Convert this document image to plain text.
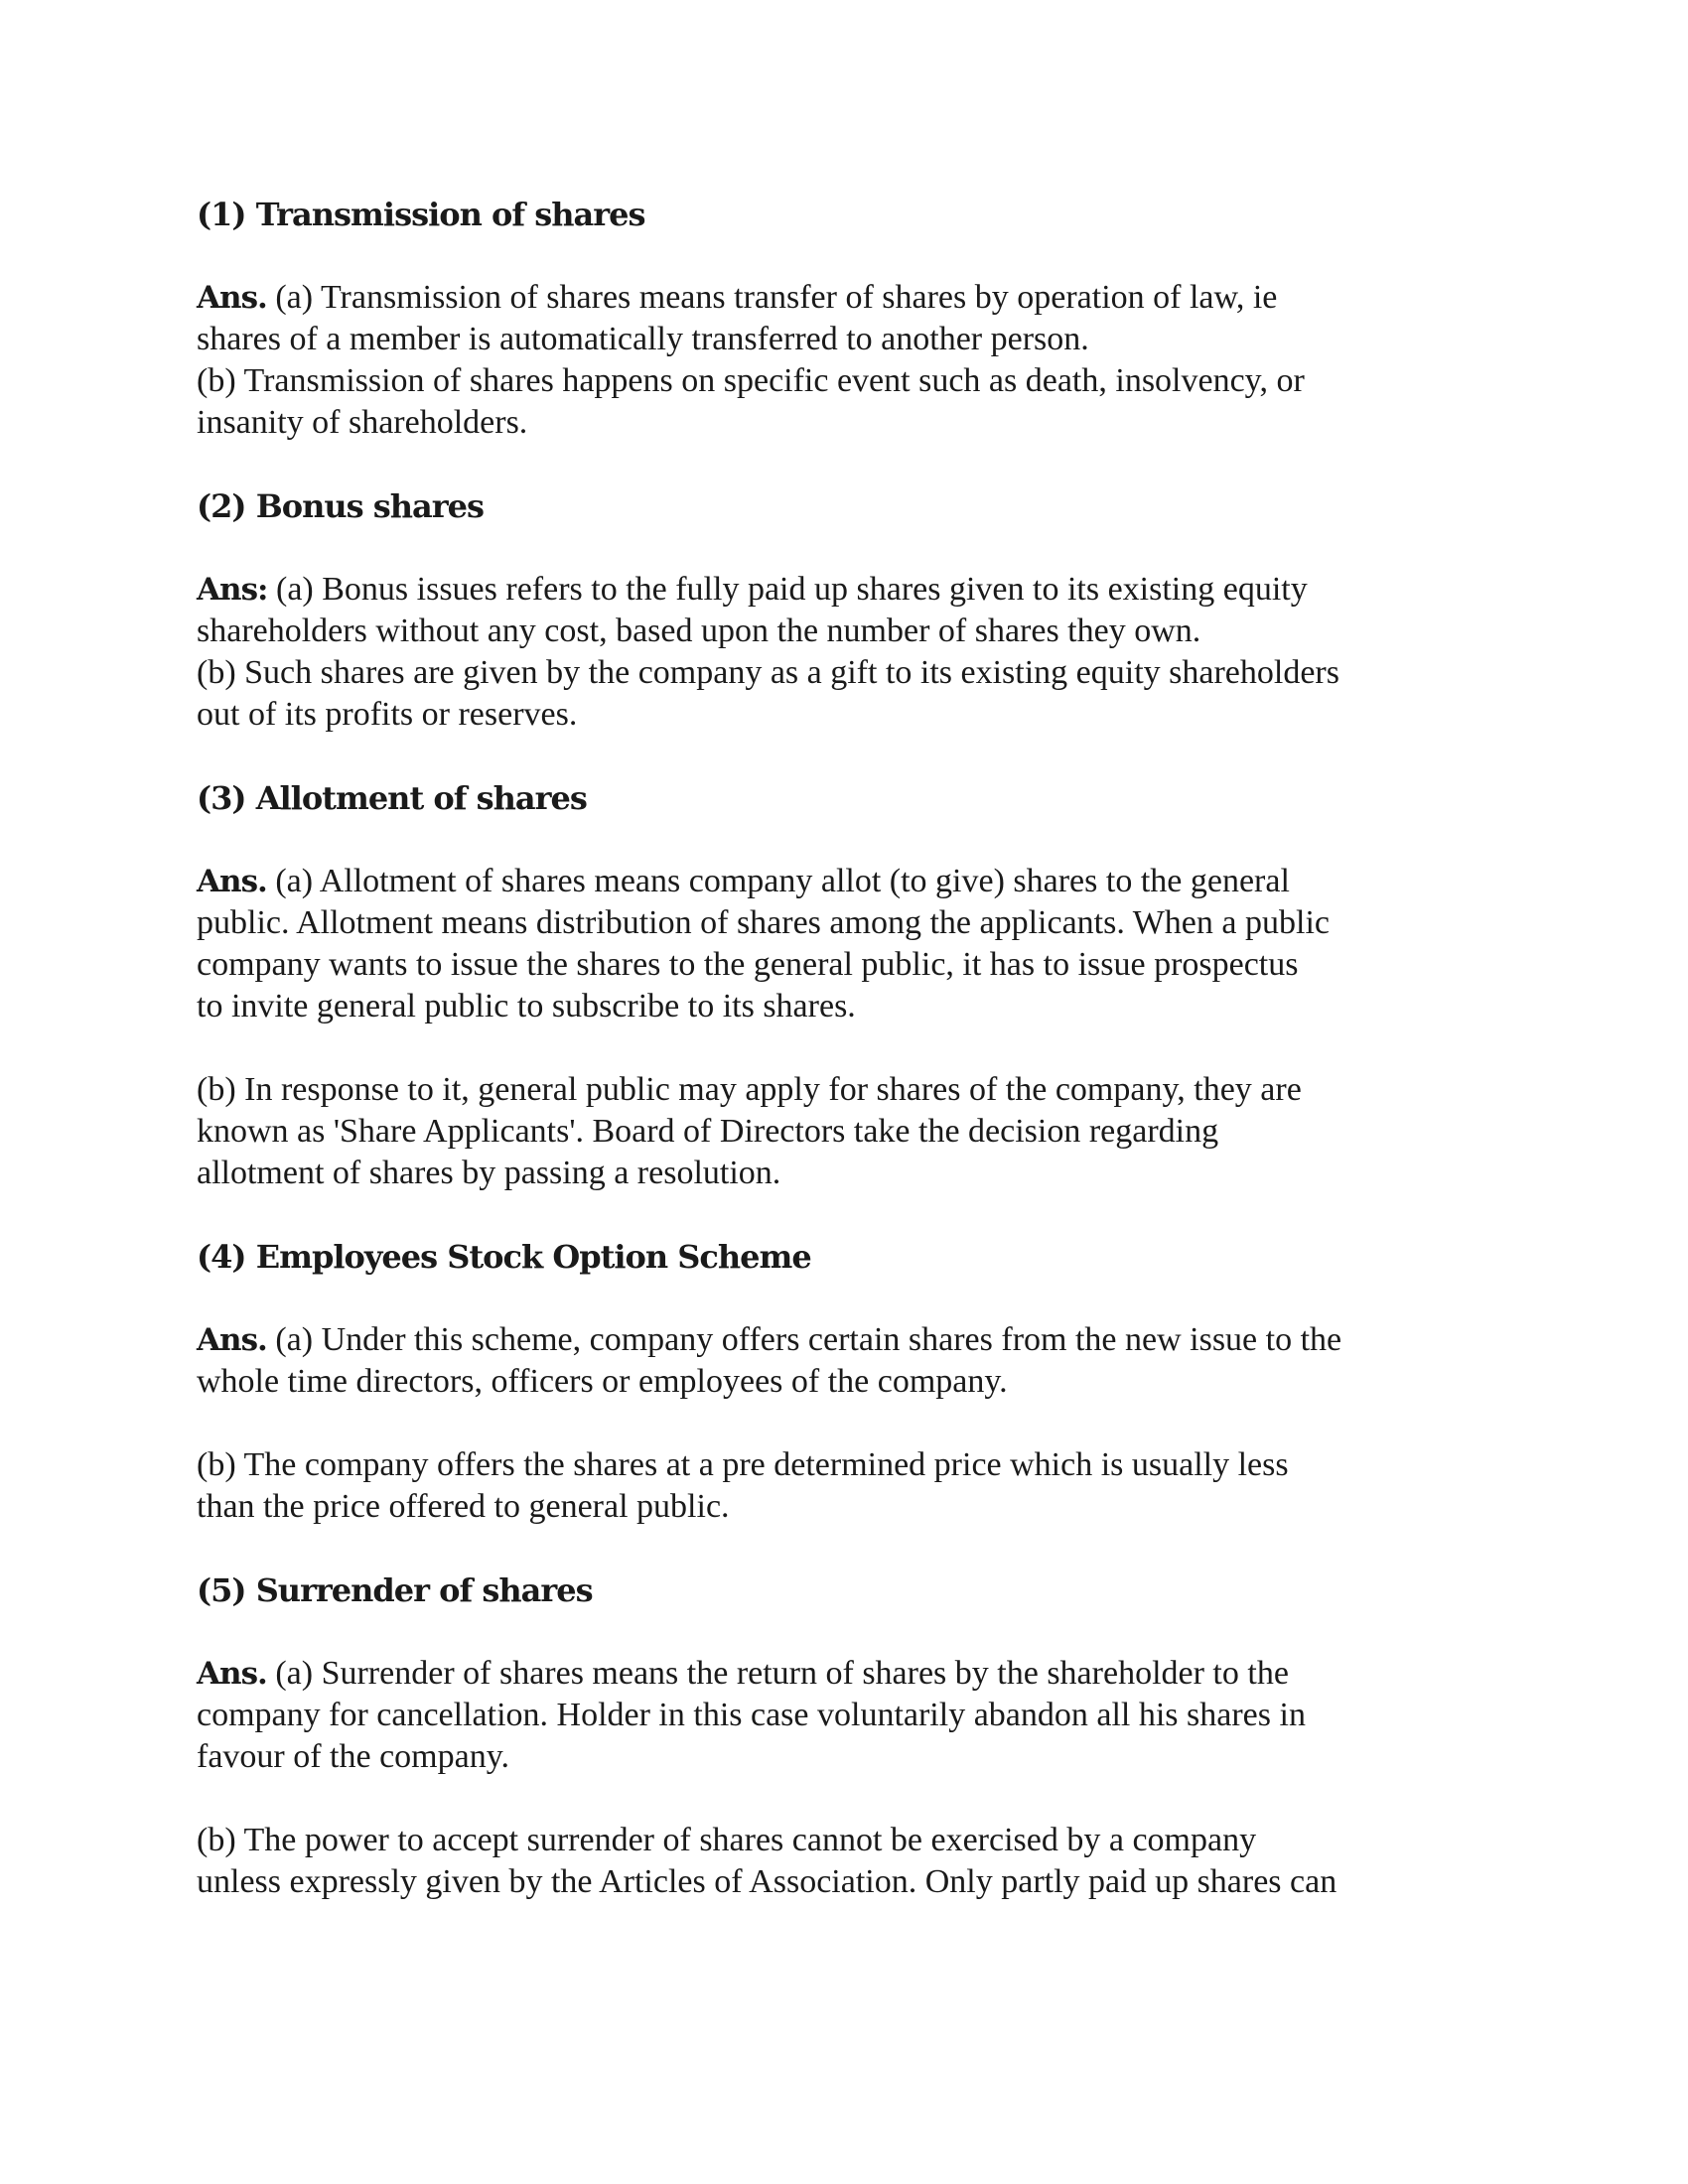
(1) Transmission of shares

Ans. (a) Transmission of shares means transfer of shares by operation of law, ie
shares of a member is automatically transferred to another person.
(b) Transmission of shares happens on specific event such as death, insolvency, or
insanity of shareholders.

(2) Bonus shares

Ans: (a) Bonus issues refers to the fully paid up shares given to its existing equity
shareholders without any cost, based upon the number of shares they own.
(b) Such shares are given by the company as a gift to its existing equity shareholders
out of its profits or reserves.

(3) Allotment of shares

Ans. (a) Allotment of shares means company allot (to give) shares to the general
public. Allotment means distribution of shares among the applicants. When a public
company wants to issue the shares to the general public, it has to issue prospectus
to invite general public to subscribe to its shares.

(b) In response to it, general public may apply for shares of the company, they are
known as 'Share Applicants'. Board of Directors take the decision regarding
allotment of shares by passing a resolution.

(4) Employees Stock Option Scheme

Ans. (a) Under this scheme, company offers certain shares from the new issue to the
whole time directors, officers or employees of the company.

(b) The company offers the shares at a pre determined price which is usually less
than the price offered to general public.

(5) Surrender of shares

Ans. (a) Surrender of shares means the return of shares by the shareholder to the
company for cancellation. Holder in this case voluntarily abandon all his shares in
favour of the company.

(b) The power to accept surrender of shares cannot be exercised by a company
unless expressly given by the Articles of Association. Only partly paid up shares can
